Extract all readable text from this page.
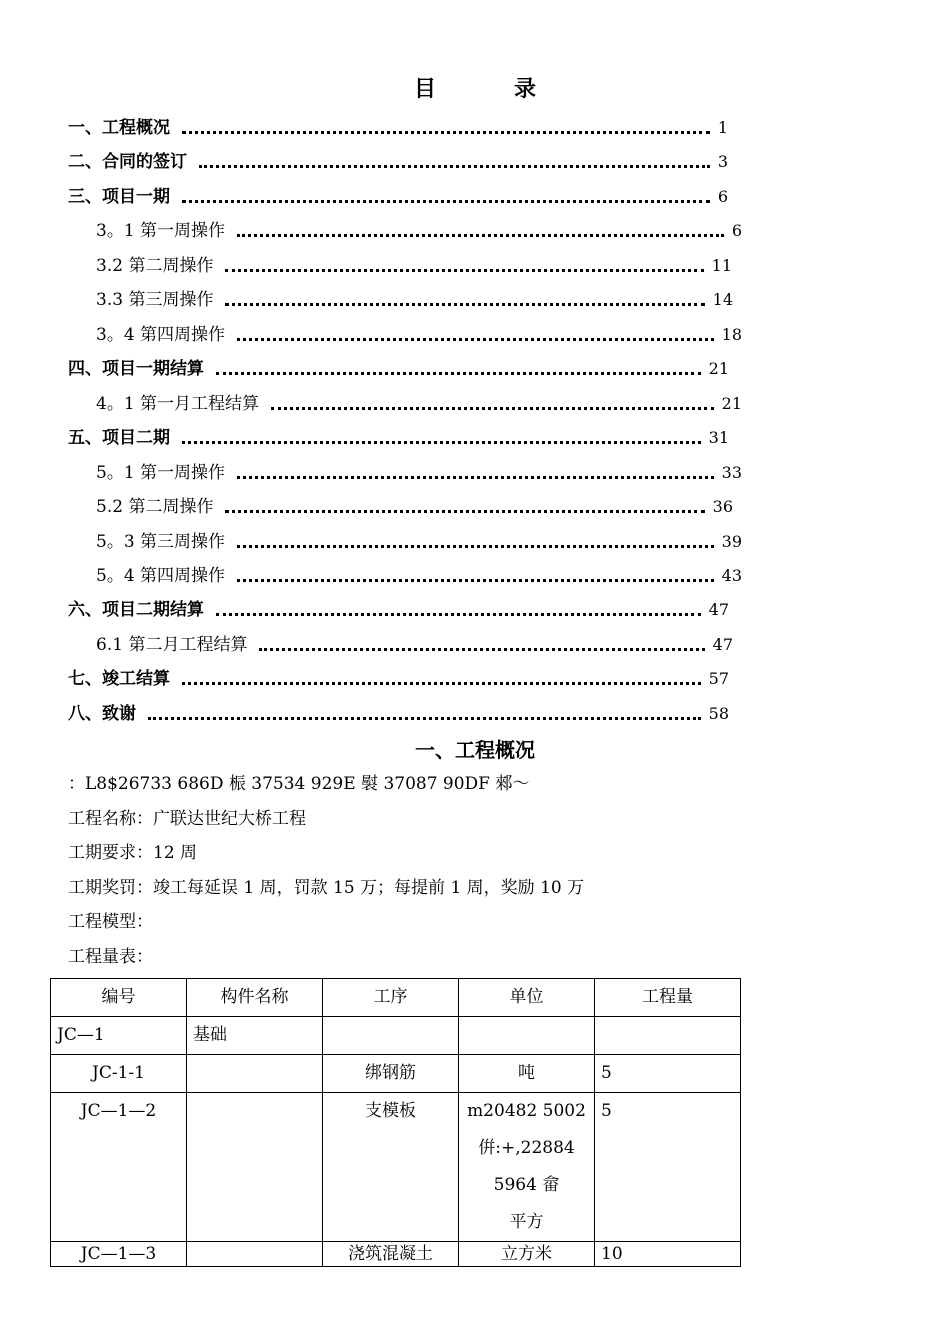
目　录
一、工程概况	1
二、合同的签订	3
三、项目一期	6
3。1 第一周操作	6
3.2 第二周操作	11
3.3 第三周操作	14
3。4 第四周操作	18
四、项目一期结算	21
4。1 第一月工程结算	21
五、项目二期	31
5。1 第一周操作	33
5.2 第二周操作	36
5。3 第三周操作	39
5。4 第四周操作	43
六、项目二期结算	47
6.1 第二月工程结算	47
七、竣工结算	57
八、致谢	58
一、工程概况
：L8$26733 686D 桭 37534 929E 褽 37087 90DF 郲～
工程名称：广联达世纪大桥工程
工期要求：12 周
工期奖罚：竣工每延误 1 周，罚款 15 万；每提前 1 周，奖励 10 万
工程模型：
工程量表：
编号	构件名称	工序	单位	工程量
JC—1	基础			
JC-1-1		绑钢筋	吨	5
JC—1—2		支模板	m20482 5002
倂:+,22884
5964 畲
平方	5
JC—1—3		浇筑混凝土	立方米	10
